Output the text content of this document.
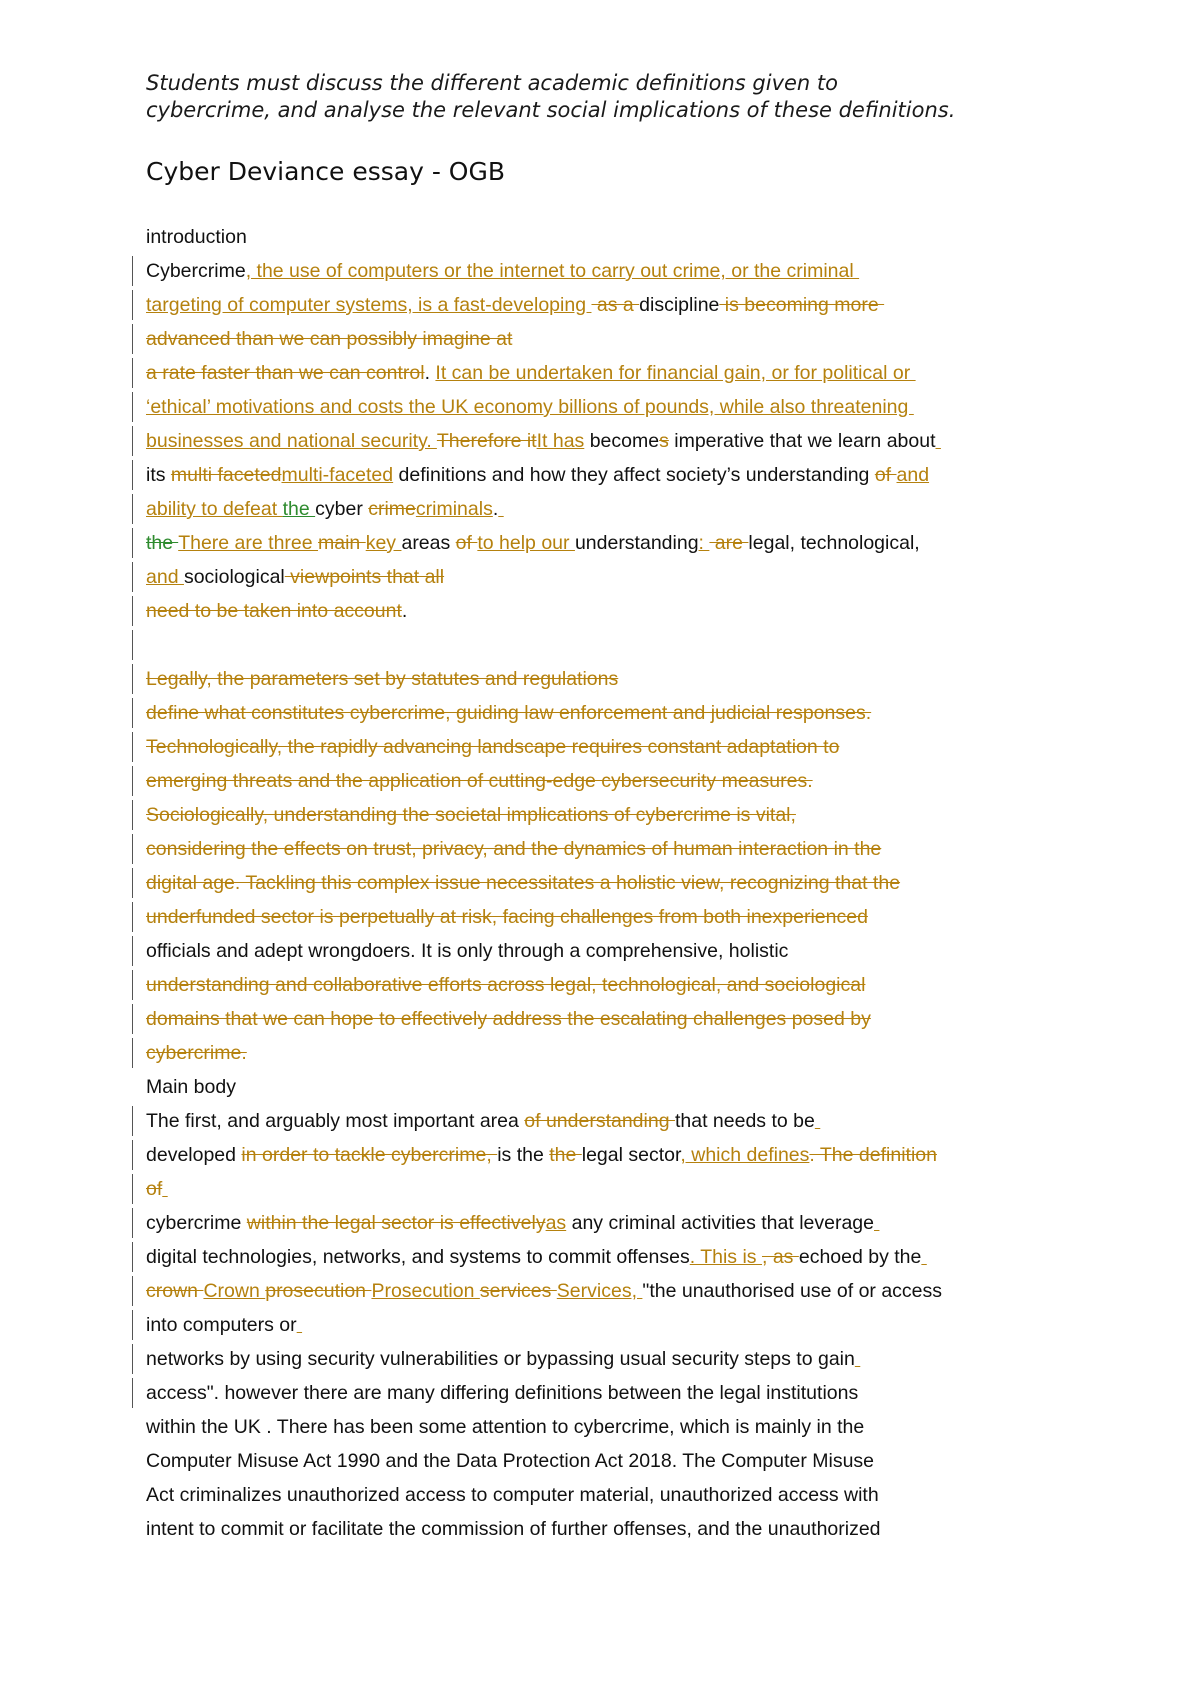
Students must discuss the different academic definitions given to
cybercrime, and analyse the relevant social implications of these definitions.

Cyber Deviance essay - OGB
introduction
Cybercrime, the use of computers or the internet to carry out crime, or the criminal
targeting of computer systems, is a fast-developing  as a discipline is becoming more
advanced than we can possibly imagine at
a rate faster than we can control. It can be undertaken for financial gain, or for political or
‘ethical’ motivations and costs the UK economy billions of pounds, while also threatening
businesses and national security. Therefore itIt has becomes imperative that we learn about
its multi facetedmulti-faceted definitions and how they affect society’s understanding of and
ability to defeat the cyber crimecriminals.
the There are three main key areas of to help our understanding:  are legal, technological,
and sociological viewpoints that all
need to be taken into account.

Legally, the parameters set by statutes and regulations
define what constitutes cybercrime, guiding law enforcement and judicial responses.
Technologically, the rapidly advancing landscape requires constant adaptation to
emerging threats and the application of cutting-edge cybersecurity measures.
Sociologically, understanding the societal implications of cybercrime is vital,
considering the effects on trust, privacy, and the dynamics of human interaction in the
digital age. Tackling this complex issue necessitates a holistic view, recognizing that the
underfunded sector is perpetually at risk, facing challenges from both inexperienced
officials and adept wrongdoers. It is only through a comprehensive, holistic
understanding and collaborative efforts across legal, technological, and sociological
domains that we can hope to effectively address the escalating challenges posed by
cybercrime.
Main body
The first, and arguably most important area of understanding that needs to be
developed in order to tackle cybercrime, is the the legal sector, which defines. The definition
of
cybercrime within the legal sector is effectivelyas any criminal activities that leverage
digital technologies, networks, and systems to commit offenses. This is , as echoed by the
crown Crown prosecution Prosecution services Services, "the unauthorised use of or access
into computers or
networks by using security vulnerabilities or bypassing usual security steps to gain
access". however there are many differing definitions between the legal institutions
within the UK . There has been some attention to cybercrime, which is mainly in the
Computer Misuse Act 1990 and the Data Protection Act 2018. The Computer Misuse
Act criminalizes unauthorized access to computer material, unauthorized access with
intent to commit or facilitate the commission of further offenses, and the unauthorized
